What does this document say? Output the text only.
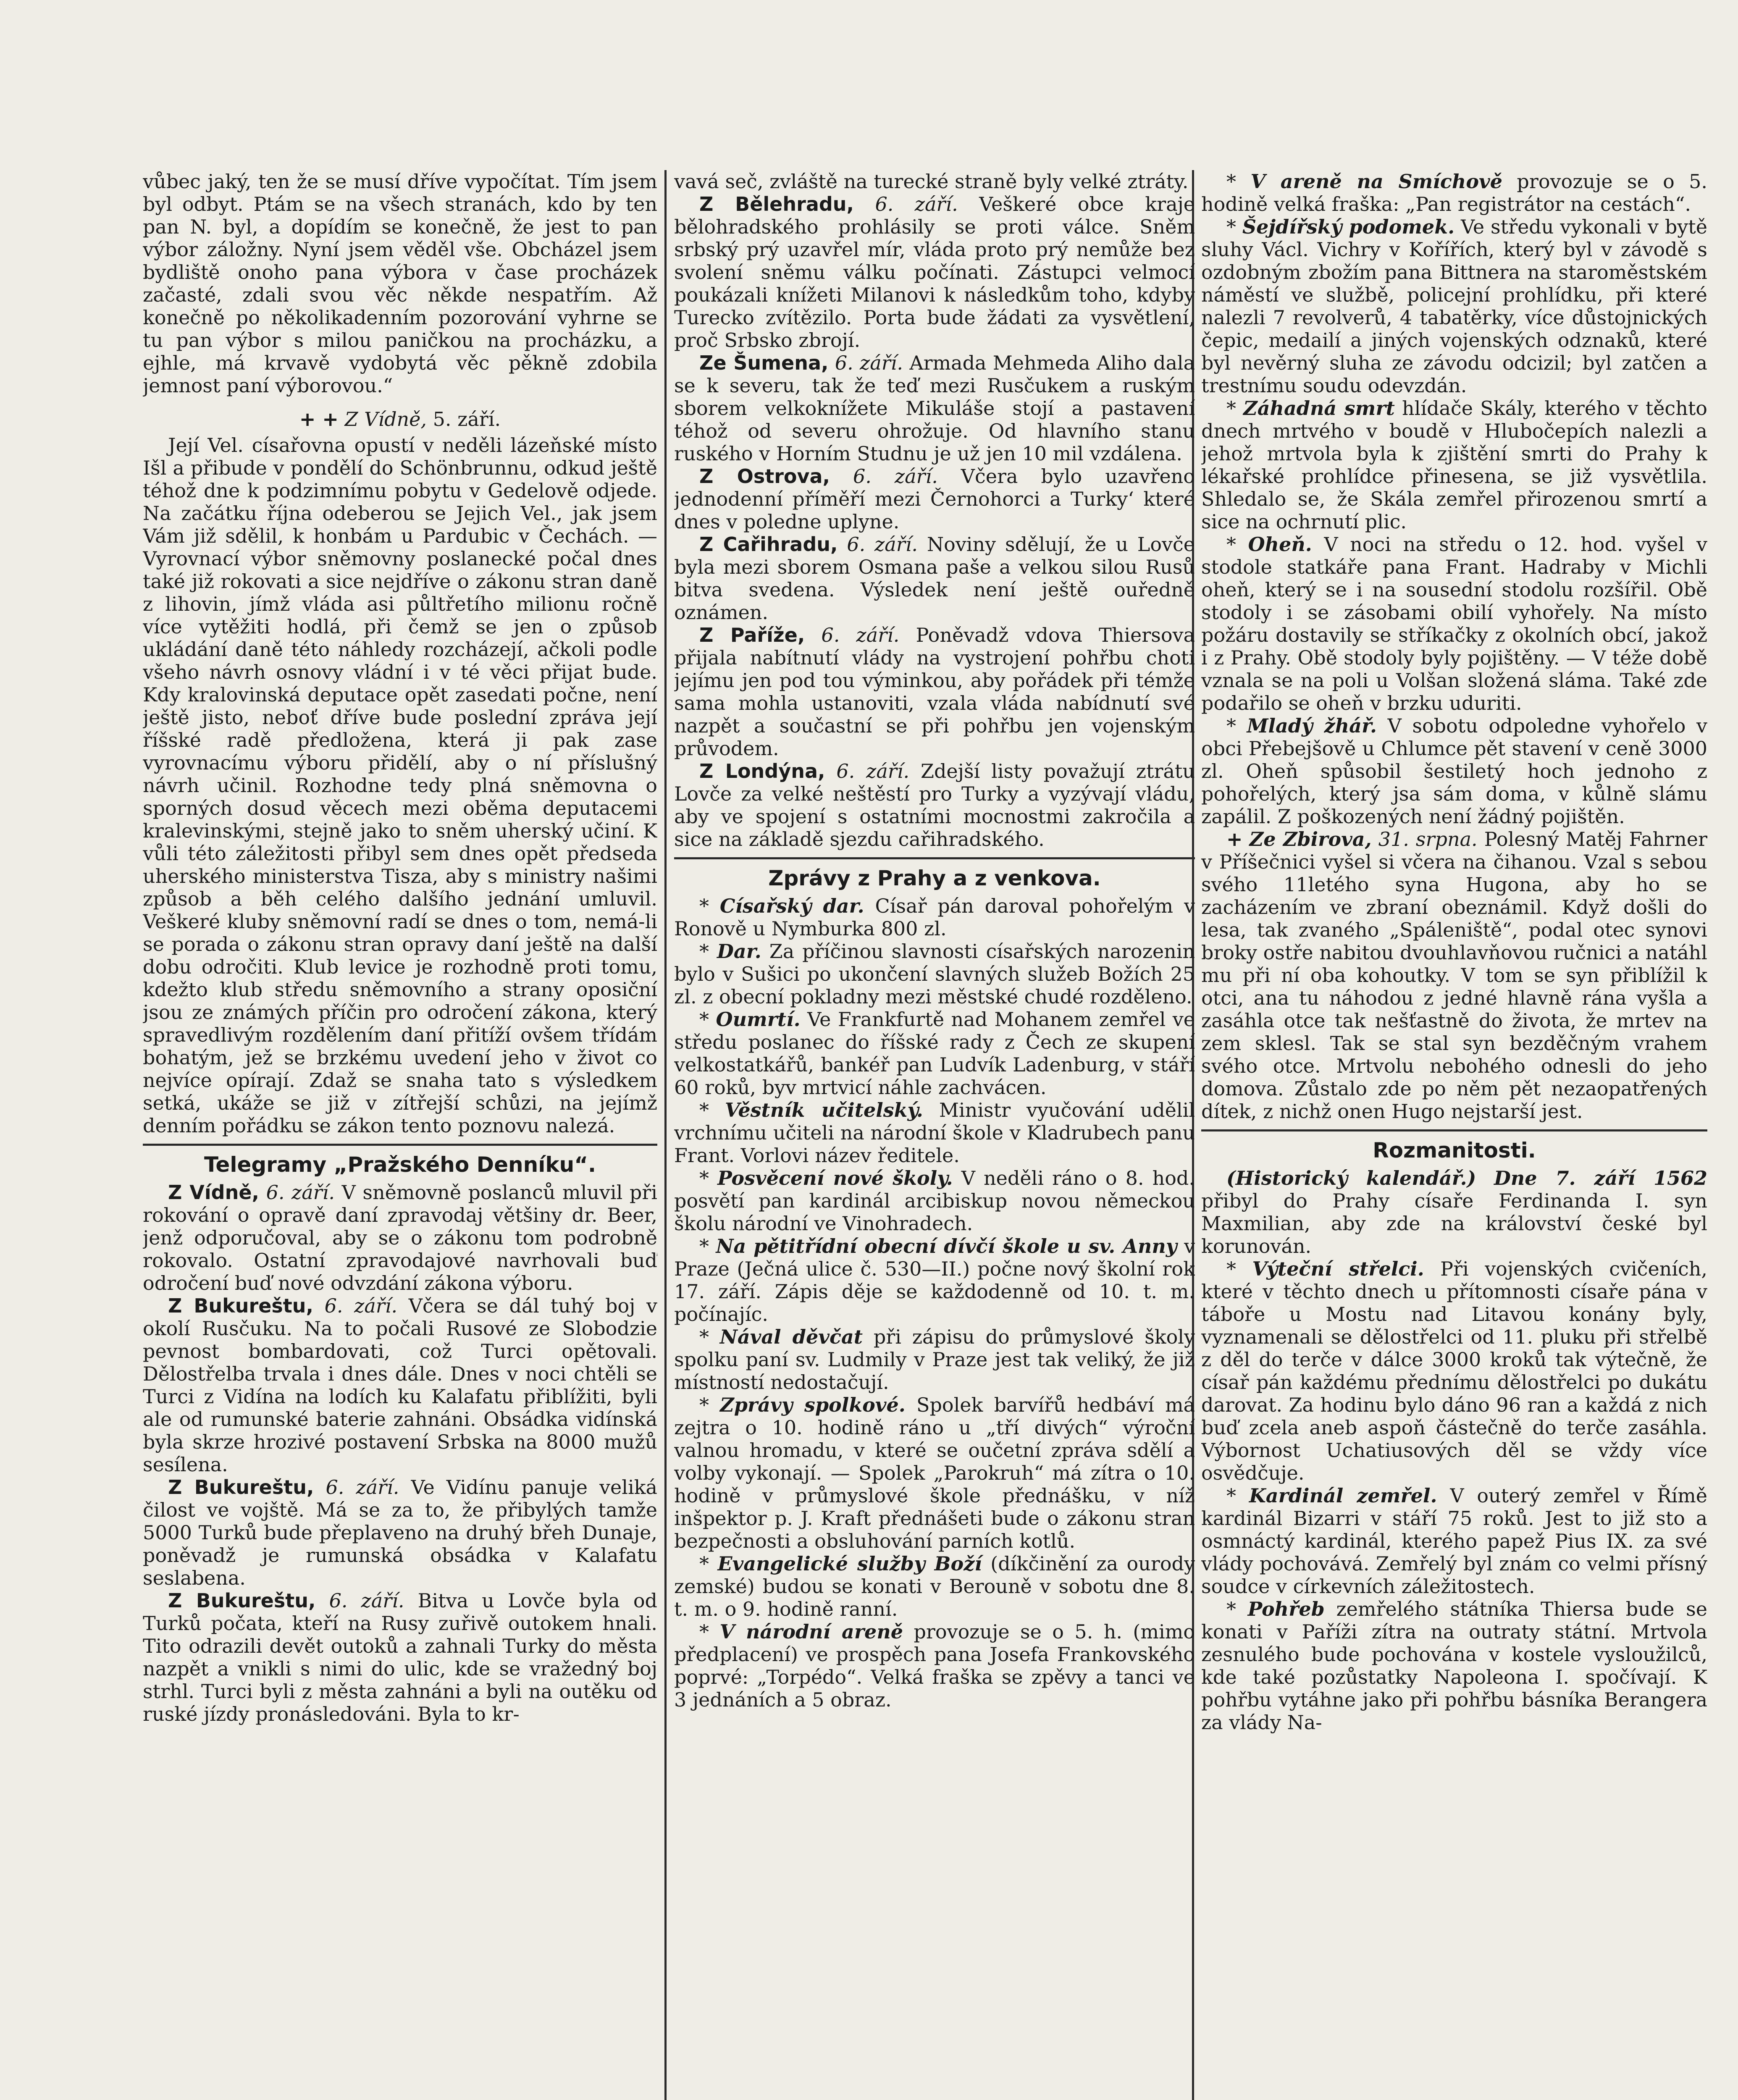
vůbec jaký, ten že se musí dříve vypočítat. Tím jsem byl odbyt. Ptám se na všech stranách, kdo by ten pan N. byl, a dopídím se konečně, že jest to pan výbor záložny. Nyní jsem věděl vše. Obcházel jsem bydliště onoho pana výbora v čase procházek začasté, zdali svou věc někde nespatřím. Až konečně po několikadenním pozorování vyhrne se tu pan výbor s milou paničkou na procházku, a ejhle, má krvavě vydobytá věc pěkně zdobila jemnost paní výborovou.“

+ + Z Vídně, 5. září.

Její Vel. císařovna opustí v neděli lázeňské místo Išl a přibude v pondělí do Schönbrunnu, odkud ještě téhož dne k podzimnímu pobytu v Gedelově odjede. Na začátku října odeberou se Jejich Vel., jak jsem Vám již sdělil, k honbám u Pardubic v Čechách. — Vyrovnací výbor sněmovny poslanecké počal dnes také již rokovati a sice nejdříve o zákonu stran daně z lihovin, jímž vláda asi půltřetího milionu ročně více vytěžiti hodlá, při čemž se jen o způsob ukládání daně této náhledy rozcházejí, ačkoli podle všeho návrh osnovy vládní i v té věci přijat bude. Kdy kralovinská deputace opět zasedati počne, není ještě jisto, neboť dříve bude poslední zpráva její říšské radě předložena, která ji pak zase vyrovnacímu výboru přidělí, aby o ní příslušný návrh učinil. Rozhodne tedy plná sněmovna o sporných dosud věcech mezi oběma deputacemi kralevinskými, stejně jako to sněm uherský učiní. K vůli této záležitosti přibyl sem dnes opět předseda uherského ministerstva Tisza, aby s ministry našimi způsob a běh celého dalšího jednání umluvil. Veškeré kluby sněmovní radí se dnes o tom, nemá-li se porada o zákonu stran opravy daní ještě na další dobu odročiti. Klub levice je rozhodně proti tomu, kdežto klub středu sněmovního a strany oposiční jsou ze známých příčin pro odročení zákona, který spravedlivým rozdělením daní přitíží ovšem třídám bohatým, jež se brzkému uvedení jeho v život co nejvíce opírají. Zdaž se snaha tato s výsledkem setká, ukáže se již v zítřejší schůzi, na jejímž denním pořádku se zákon tento poznovu nalezá.

Telegramy „Pražského Denníku“.

Z Vídně, 6. září. V sněmovně poslanců mluvil při rokování o opravě daní zpravodaj většiny dr. Beer, jenž odporučoval, aby se o zákonu tom podrobně rokovalo. Ostatní zpravodajové navrhovali buď odročení buď nové odvzdání zákona výboru.

Z Bukureštu, 6. září. Včera se dál tuhý boj v okolí Rusčuku. Na to počali Rusové ze Slobodzie pevnost bombardovati, což Turci opětovali. Dělostřelba trvala i dnes dále. Dnes v noci chtěli se Turci z Vidína na lodích ku Kalafatu přiblížiti, byli ale od rumunské baterie zahnáni. Obsádka vidínská byla skrze hrozivé postavení Srbska na 8000 mužů sesílena.

Z Bukureštu, 6. září. Ve Vidínu panuje veliká čilost ve vojště. Má se za to, že přibylých tamže 5000 Turků bude přeplaveno na druhý břeh Dunaje, poněvadž je rumunská obsádka v Kalafatu seslabena.

Z Bukureštu, 6. září. Bitva u Lovče byla od Turků počata, kteří na Rusy zuřivě outokem hnali. Tito odrazili devět outoků a zahnali Turky do města nazpět a vnikli s nimi do ulic, kde se vražedný boj strhl. Turci byli z města zahnáni a byli na outěku od ruské jízdy pronásledováni. Byla to kr-

vavá seč, zvláště na turecké straně byly velké ztráty.

Z Bělehradu, 6. září. Veškeré obce kraje bělohradského prohlásily se proti válce. Sněm srbský prý uzavřel mír, vláda proto prý nemůže bez svolení sněmu válku počínati. Zástupci velmocí poukázali knížeti Milanovi k následkům toho, kdyby Turecko zvítězilo. Porta bude žádati za vysvětlení, proč Srbsko zbrojí.

Ze Šumena, 6. září. Armada Mehmeda Aliho dala se k severu, tak že teď mezi Rusčukem a ruským sborem velkoknížete Mikuláše stojí a pastavení téhož od severu ohrožuje. Od hlavního stanu ruského v Horním Studnu je už jen 10 mil vzdálena.

Z Ostrova, 6. září. Včera bylo uzavřeno jednodenní příměří mezi Černohorci a Turky‘ které dnes v poledne uplyne.

Z Cařihradu, 6. září. Noviny sdělují, že u Lovče byla mezi sborem Osmana paše a velkou silou Rusů bitva svedena. Výsledek není ještě ouředně oznámen.

Z Paříže, 6. září. Poněvadž vdova Thiersova přijala nabítnutí vlády na vystrojení pohřbu choti jejímu jen pod tou výminkou, aby pořádek při témže sama mohla ustanoviti, vzala vláda nabídnutí své nazpět a součastní se při pohřbu jen vojenským průvodem.

Z Londýna, 6. září. Zdejší listy považují ztrátu Lovče za velké neštěstí pro Turky a vyzývají vládu, aby ve spojení s ostatními mocnostmi zakročila a sice na základě sjezdu cařihradského.

Zprávy z Prahy a z venkova.

* Císařský dar. Císař pán daroval pohořelým v Ronově u Nymburka 800 zl.

* Dar. Za příčinou slavnosti císařských narozenin bylo v Sušici po ukončení slavných služeb Božích 25 zl. z obecní pokladny mezi městské chudé rozděleno.

* Oumrtí. Ve Frankfurtě nad Mohanem zemřel ve středu poslanec do říšské rady z Čech ze skupení velkostatkářů, bankéř pan Ludvík Ladenburg, v stáří 60 roků, byv mrtvicí náhle zachvácen.

* Věstník učitelský. Ministr vyučování udělil vrchnímu učiteli na národní škole v Kladrubech panu Frant. Vorlovi název ředitele.

* Posvěcení nové školy. V neděli ráno o 8. hod. posvětí pan kardinál arcibiskup novou německou školu národní ve Vinohradech.

* Na pětitřídní obecní dívčí škole u sv. Anny v Praze (Ječná ulice č. 530—II.) počne nový školní rok 17. září. Zápis děje se každodenně od 10. t. m. počínajíc.

* Nával děvčat při zápisu do průmyslové školy spolku paní sv. Ludmily v Praze jest tak veliký, že již místností nedostačují.

* Zprávy spolkové. Spolek barvířů hedbáví má zejtra o 10. hodině ráno u „tří divých“ výroční valnou hromadu, v které se oučetní zpráva sdělí a volby vykonají. — Spolek „Parokruh“ má zítra o 10. hodině v průmyslové škole přednášku, v níž inšpektor p. J. Kraft přednášeti bude o zákonu stran bezpečnosti a obsluhování parních kotlů.

* Evangelické služby Boží (díkčinění za ourody zemské) budou se konati v Berouně v sobotu dne 8. t. m. o 9. hodině ranní.

* V národní areně provozuje se o 5. h. (mimo předplacení) ve prospěch pana Josefa Frankovského poprvé: „Torpédo“. Velká fraška se zpěvy a tanci ve 3 jednáních a 5 obraz.

* V areně na Smíchově provozuje se o 5. hodině velká fraška: „Pan registrátor na cestách“.

* Šejdířský podomek. Ve středu vykonali v bytě sluhy Václ. Vichry v Kořířích, který byl v závodě s ozdobným zbožím pana Bittnera na staroměstském náměstí ve službě, policejní prohlídku, při které nalezli 7 revolverů, 4 tabatěrky, více důstojnických čepic, medailí a jiných vojenských odznaků, které byl nevěrný sluha ze závodu odcizil; byl zatčen a trestnímu soudu odevzdán.

* Záhadná smrt hlídače Skály, kterého v těchto dnech mrtvého v boudě v Hlubočepích nalezli a jehož mrtvola byla k zjištění smrti do Prahy k lékařské prohlídce přinesena, se již vysvětlila. Shledalo se, že Skála zemřel přirozenou smrtí a sice na ochrnutí plic.

* Oheň. V noci na středu o 12. hod. vyšel v stodole statkáře pana Frant. Hadraby v Michli oheň, který se i na sousední stodolu rozšířil. Obě stodoly i se zásobami obilí vyhořely. Na místo požáru dostavily se stříkačky z okolních obcí, jakož i z Prahy. Obě stodoly byly pojištěny. — V téže době vznala se na poli u Volšan složená sláma. Také zde podařilo se oheň v brzku uduriti.

* Mladý žhář. V sobotu odpoledne vyhořelo v obci Přebejšově u Chlumce pět stavení v ceně 3000 zl. Oheň spůsobil šestiletý hoch jednoho z pohořelých, který jsa sám doma, v kůlně slámu zapálil. Z poškozených není žádný pojištěn.

+ Ze Zbirova, 31. srpna. Polesný Matěj Fahrner v Příšečnici vyšel si včera na čihanou. Vzal s sebou svého 11letého syna Hugona, aby ho se zacházením ve zbraní obeznámil. Když došli do lesa, tak zvaného „Spáleniště“, podal otec synovi broky ostře nabitou dvouhlavňovou ručnici a natáhl mu při ní oba kohoutky. V tom se syn přiblížil k otci, ana tu náhodou z jedné hlavně rána vyšla a zasáhla otce tak nešťastně do života, že mrtev na zem sklesl. Tak se stal syn bezděčným vrahem svého otce. Mrtvolu nebohého odnesli do jeho domova. Zůstalo zde po něm pět nezaopatřených dítek, z nichž onen Hugo nejstarší jest.

Rozmanitosti.

(Historický kalendář.) Dne 7. září 1562 přibyl do Prahy císaře Ferdinanda I. syn Maxmilian, aby zde na království české byl korunován.

* Výteční střelci. Při vojenských cvičeních, které v těchto dnech u přítomnosti císaře pána v táboře u Mostu nad Litavou konány byly, vyznamenali se dělostřelci od 11. pluku při střelbě z děl do terče v dálce 3000 kroků tak výtečně, že císař pán každému přednímu dělostřelci po dukátu darovat. Za hodinu bylo dáno 96 ran a každá z nich buď zcela aneb aspoň částečně do terče zasáhla. Výbornost Uchatiusových děl se vždy více osvědčuje.

* Kardinál zemřel. V outerý zemřel v Římě kardinál Bizarri v stáří 75 roků. Jest to již sto a osmnáctý kardinál, kterého papež Pius IX. za své vlády pochovává. Zemřelý byl znám co velmi přísný soudce v církevních záležitostech.

* Pohřeb zemřelého státníka Thiersa bude se konati v Paříži zítra na outraty státní. Mrtvola zesnulého bude pochována v kostele vysloužilců, kde také pozůstatky Napoleona I. spočívají. K pohřbu vytáhne jako při pohřbu básníka Berangera za vlády Na-
